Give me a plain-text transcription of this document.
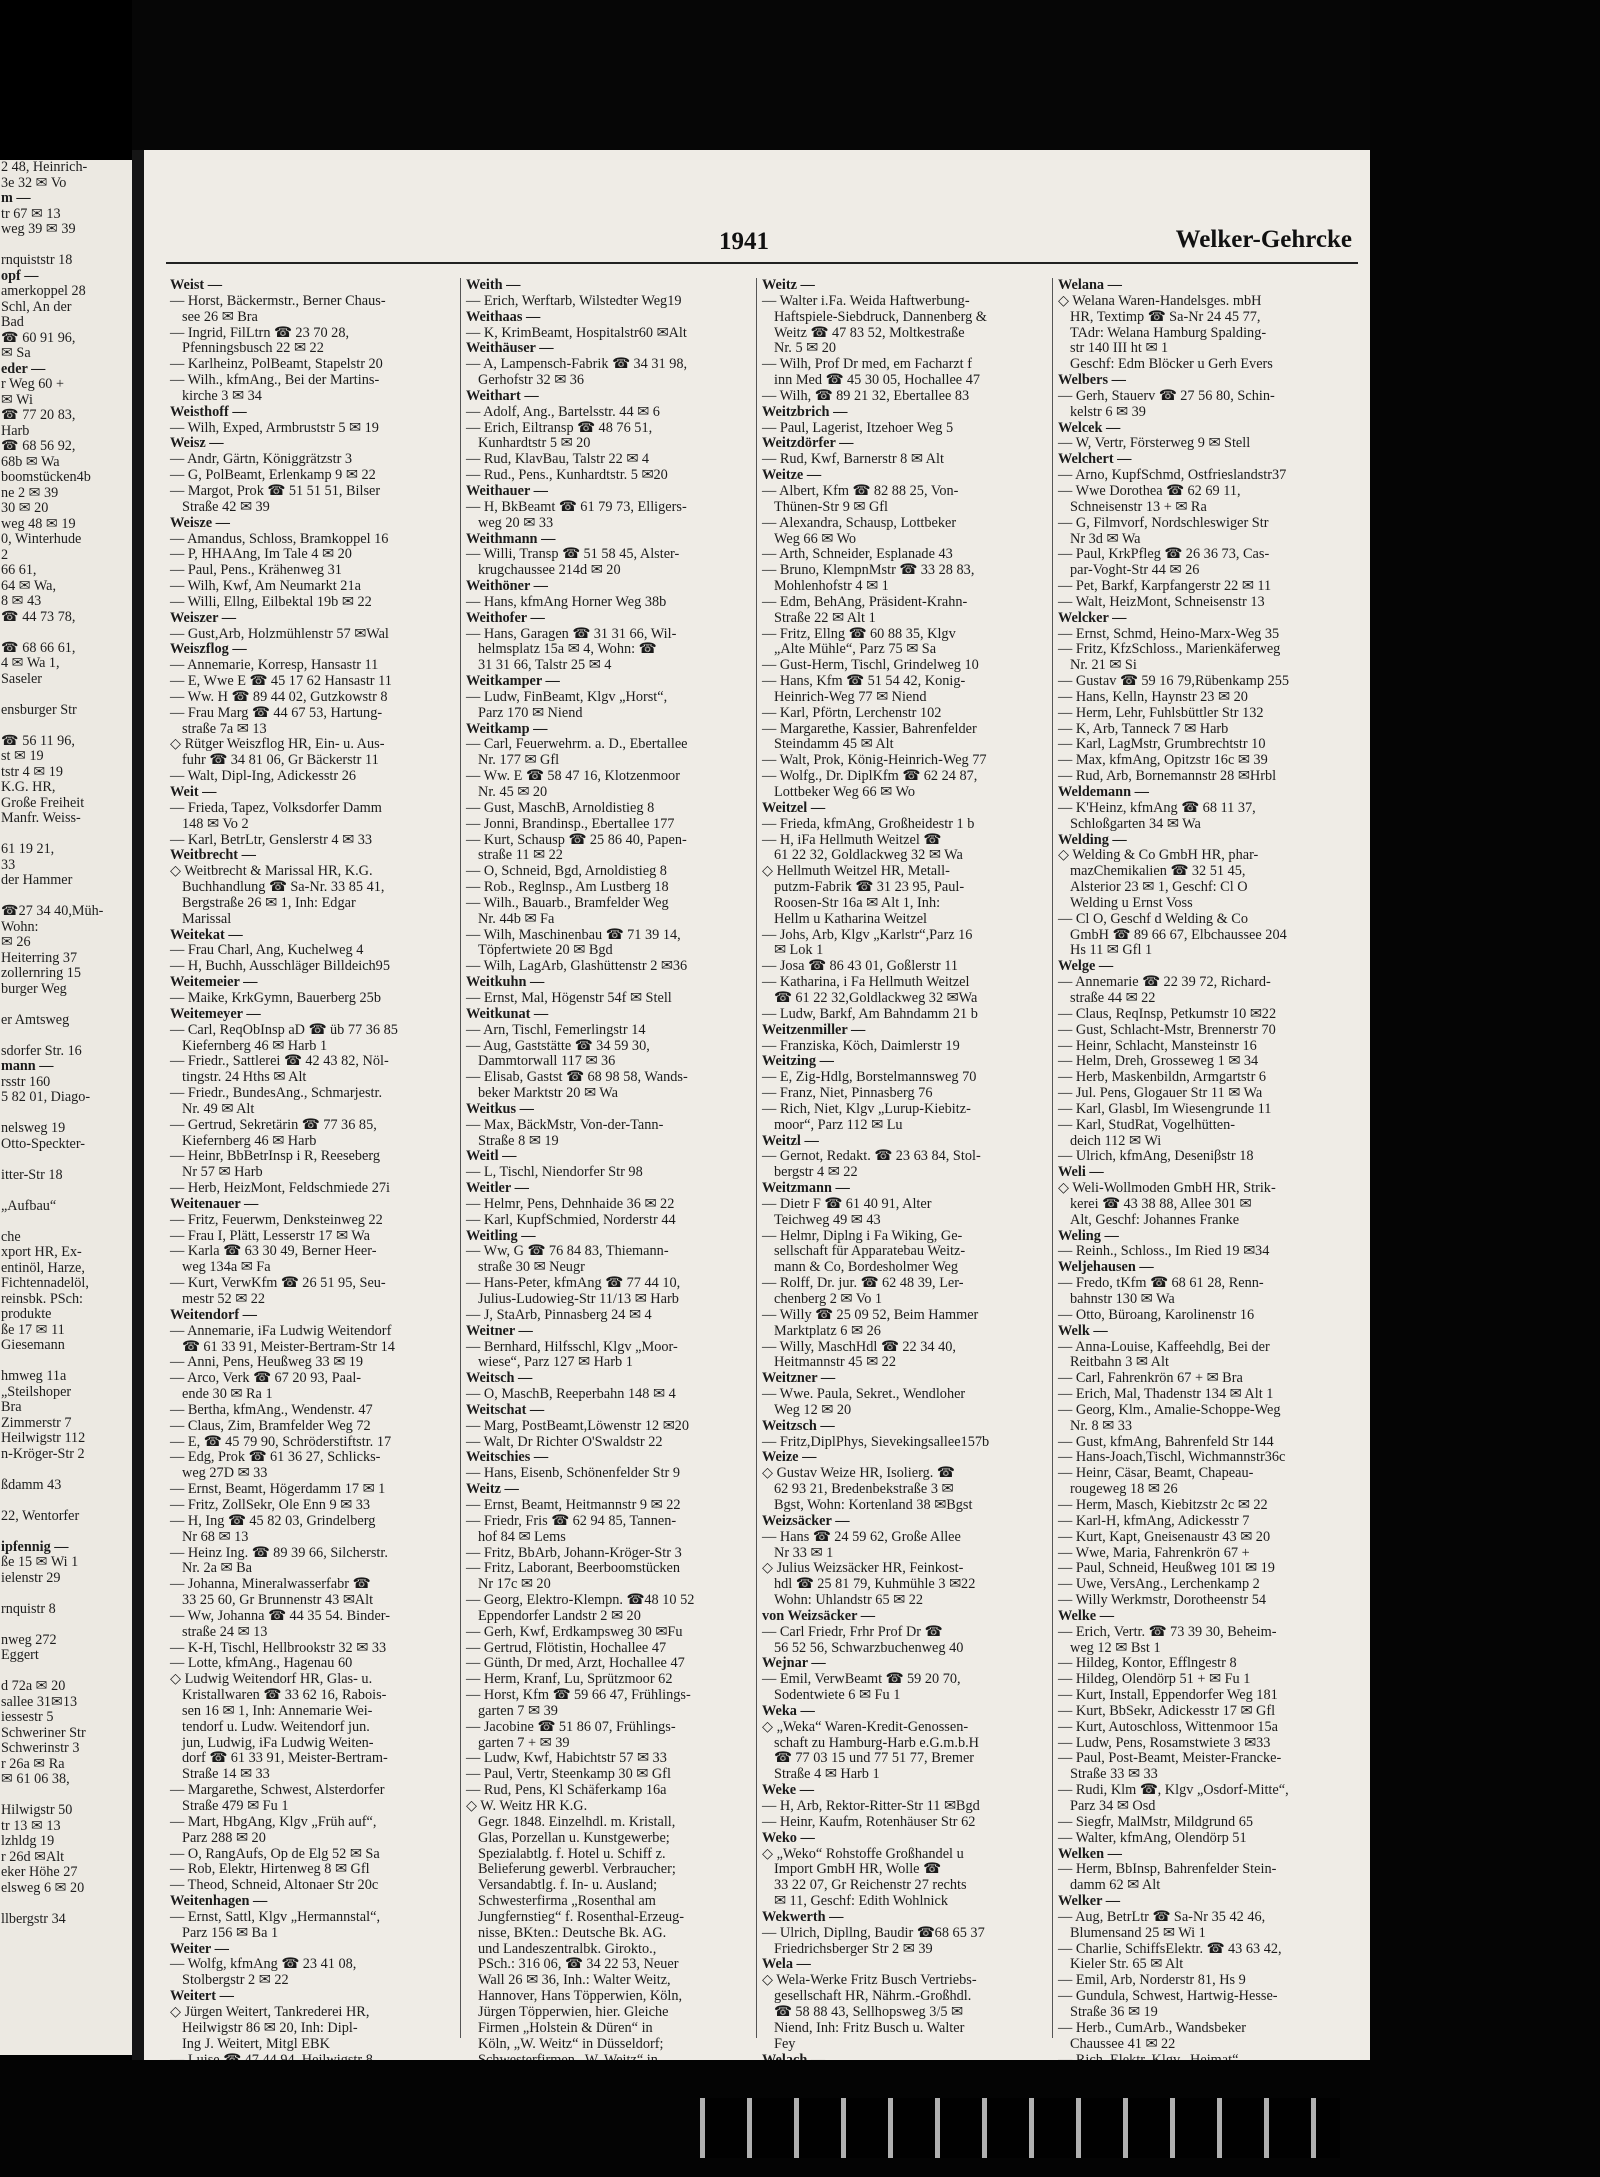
2 48, Heinrich-
3e 32 ✉ Vo
m —
tr 67 ✉ 13
weg 39 ✉ 39

rnquiststr 18
opf —
amerkoppel 28
Schl, An der
Bad
☎ 60 91 96,
✉ Sa
eder —
r Weg 60 +
✉ Wi
☎ 77 20 83,
Harb
☎ 68 56 92,
68b ✉ Wa
boomstücken4b
ne 2 ✉ 39
30 ✉ 20
weg 48 ✉ 19
0, Winterhude
2
66 61,
64 ✉ Wa,
8 ✉ 43
☎ 44 73 78,

☎ 68 66 61,
4 ✉ Wa 1,
Saseler

ensburger Str

☎ 56 11 96,
st ✉ 19
tstr 4 ✉ 19
K.G. HR,
Große Freiheit
Manfr. Weiss-

61 19 21,
33
der Hammer

☎27 34 40,Müh-
Wohn:
✉ 26
Heiterring 37
zollernring 15
burger Weg

er Amtsweg

sdorfer Str. 16
mann —
rsstr 160
5 82 01, Diago-

nelsweg 19
Otto-Speckter-

itter-Str 18

„Aufbau“

che
xport HR, Ex-
entinöl, Harze,
Fichtennadelöl,
reinsbk. PSch:
produkte
ße 17 ✉ 11
Giesemann

hmweg 11a
„Steilshoper
Bra
Zimmerstr 7
Heilwigstr 112
n-Kröger-Str 2

ßdamm 43

22, Wentorfer

ipfennig —
ße 15 ✉ Wi 1
ielenstr 29

rnquistr 8

nweg 272
Eggert

d 72a ✉ 20
sallee 31✉13
iessestr 5
Schweriner Str
Schwerinstr 3
r 26a ✉ Ra
✉ 61 06 38,

Hilwigstr 50
tr 13 ✉ 13
lzhldg 19
r 26d ✉Alt
eker Höhe 27
elsweg 6 ✉ 20

llbergstr 34
1941	Welker-Gehrcke
Weist —
— Horst, Bäckermstr., Berner Chaus-
see 26 ✉ Bra
— Ingrid, FilLtrn ☎ 23 70 28,
Pfenningsbusch 22 ✉ 22
— Karlheinz, PolBeamt, Stapelstr 20
— Wilh., kfmAng., Bei der Martins-
kirche 3 ✉ 34
Weisthoff —
— Wilh, Exped, Armbruststr 5 ✉ 19
Weisz —
— Andr, Gärtn, Königgrätzstr 3
— G, PolBeamt, Erlenkamp 9 ✉ 22
— Margot, Prok ☎ 51 51 51, Bilser
Straße 42 ✉ 39
Weisze —
— Amandus, Schloss, Bramkoppel 16
— P, HHAAng, Im Tale 4 ✉ 20
— Paul, Pens., Krähenweg 31
— Wilh, Kwf, Am Neumarkt 21a
— Willi, Ellng, Eilbektal 19b ✉ 22
Weiszer —
— Gust,Arb, Holzmühlenstr 57 ✉Wal
Weiszflog —
— Annemarie, Korresp, Hansastr 11
— E, Wwe E ☎ 45 17 62 Hansastr 11
— Ww. H ☎ 89 44 02, Gutzkowstr 8
— Frau Marg ☎ 44 67 53, Hartung-
straße 7a ✉ 13
◇ Rütger Weiszflog HR, Ein- u. Aus-
fuhr ☎ 34 81 06, Gr Bäckerstr 11
— Walt, Dipl-Ing, Adickesstr 26
Weit —
— Frieda, Tapez, Volksdorfer Damm
148 ✉ Vo 2
— Karl, BetrLtr, Genslerstr 4 ✉ 33
Weitbrecht —
◇ Weitbrecht & Marissal HR, K.G.
Buchhandlung ☎ Sa-Nr. 33 85 41,
Bergstraße 26 ✉ 1, Inh: Edgar
Marissal
Weitekat —
— Frau Charl, Ang, Kuchelweg 4
— H, Buchh, Ausschläger Billdeich95
Weitemeier —
— Maike, KrkGymn, Bauerberg 25b
Weitemeyer —
— Carl, ReqObInsp aD ☎ üb 77 36 85
Kiefernberg 46 ✉ Harb 1
— Friedr., Sattlerei ☎ 42 43 82, Nöl-
tingstr. 24 Hths ✉ Alt
— Friedr., BundesAng., Schmarjestr.
Nr. 49 ✉ Alt
— Gertrud, Sekretärin ☎ 77 36 85,
Kiefernberg 46 ✉ Harb
— Heinr, BbBetrInsp i R, Reeseberg
Nr 57 ✉ Harb
— Herb, HeizMont, Feldschmiede 27i
Weitenauer —
— Fritz, Feuerwm, Denksteinweg 22
— Frau I, Plätt, Lesserstr 17 ✉ Wa
— Karla ☎ 63 30 49, Berner Heer-
weg 134a ✉ Fa
— Kurt, VerwKfm ☎ 26 51 95, Seu-
mestr 52 ✉ 22
Weitendorf —
— Annemarie, iFa Ludwig Weitendorf
☎ 61 33 91, Meister-Bertram-Str 14
— Anni, Pens, Heußweg 33 ✉ 19
— Arco, Verk ☎ 67 20 93, Paal-
ende 30 ✉ Ra 1
— Bertha, kfmAng., Wendenstr. 47
— Claus, Zim, Bramfelder Weg 72
— E, ☎ 45 79 90, Schröderstiftstr. 17
— Edg, Prok ☎ 61 36 27, Schlicks-
weg 27D ✉ 33
— Ernst, Beamt, Högerdamm 17 ✉ 1
— Fritz, ZollSekr, Ole Enn 9 ✉ 33
— H, Ing ☎ 45 82 03, Grindelberg
Nr 68 ✉ 13
— Heinz Ing. ☎ 89 39 66, Silcherstr.
Nr. 2a ✉ Ba
— Johanna, Mineralwasserfabr ☎
33 25 60, Gr Brunnenstr 43 ✉Alt
— Ww, Johanna ☎ 44 35 54. Binder-
straße 24 ✉ 13
— K-H, Tischl, Hellbrookstr 32 ✉ 33
— Lotte, kfmAng., Hagenau 60
◇ Ludwig Weitendorf HR, Glas- u.
Kristallwaren ☎ 33 62 16, Rabois-
sen 16 ✉ 1, Inh: Annemarie Wei-
tendorf u. Ludw. Weitendorf jun.
jun, Ludwig, iFa Ludwig Weiten-
dorf ☎ 61 33 91, Meister-Bertram-
Straße 14 ✉ 33
— Margarethe, Schwest, Alsterdorfer
Straße 479 ✉ Fu 1
— Mart, HbgAng, Klgv „Früh auf“,
Parz 288 ✉ 20
— O, RangAufs, Op de Elg 52 ✉ Sa
— Rob, Elektr, Hirtenweg 8 ✉ Gfl
— Theod, Schneid, Altonaer Str 20c
Weitenhagen —
— Ernst, Sattl, Klgv „Hermannstal“,
Parz 156 ✉ Ba 1
Weiter —
— Wolfg, kfmAng ☎ 23 41 08,
Stolbergstr 2 ✉ 22
Weitert —
◇ Jürgen Weitert, Tankrederei HR,
Heilwigstr 86 ✉ 20, Inh: Dipl-
Ing J. Weitert, Mitgl EBK
Weith —
— Erich, Werftarb, Wilstedter Weg19
Weithaas —
— K, KrimBeamt, Hospitalstr60 ✉Alt
Weithäuser —
— A, Lampensch-Fabrik ☎ 34 31 98,
Gerhofstr 32 ✉ 36
Weithart —
— Adolf, Ang., Bartelsstr. 44 ✉ 6
— Erich, Eiltransp ☎ 48 76 51,
Kunhardtstr 5 ✉ 20
— Rud, KlavBau, Talstr 22 ✉ 4
— Rud., Pens., Kunhardtstr. 5 ✉20
Weithauer —
— H, BkBeamt ☎ 61 79 73, Elligers-
weg 20 ✉ 33
Weithmann —
— Willi, Transp ☎ 51 58 45, Alster-
krugchaussee 214d ✉ 20
Weithöner —
— Hans, kfmAng Horner Weg 38b
Weithofer —
— Hans, Garagen ☎ 31 31 66, Wil-
helmsplatz 15a ✉ 4, Wohn: ☎
31 31 66, Talstr 25 ✉ 4
Weitkamper —
— Ludw, FinBeamt, Klgv „Horst“,
Parz 170 ✉ Niend
Weitkamp —
— Carl, Feuerwehrm. a. D., Ebertallee
Nr. 177 ✉ Gfl
— Ww. E ☎ 58 47 16, Klotzenmoor
Nr. 45 ✉ 20
— Gust, MaschB, Arnoldistieg 8
— Jonni, Brandinsp., Ebertallee 177
— Kurt, Schausp ☎ 25 86 40, Papen-
straße 11 ✉ 22
— O, Schneid, Bgd, Arnoldistieg 8
— Rob., Reglnsp., Am Lustberg 18
— Wilh., Bauarb., Bramfelder Weg
Nr. 44b ✉ Fa
— Wilh, Maschinenbau ☎ 71 39 14,
Töpfertwiete 20 ✉ Bgd
— Wilh, LagArb, Glashüttenstr 2 ✉36
Weitkuhn —
— Ernst, Mal, Högenstr 54f ✉ Stell
Weitkunat —
— Arn, Tischl, Femerlingstr 14
— Aug, Gaststätte ☎ 34 59 30,
Dammtorwall 117 ✉ 36
— Elisab, Gastst ☎ 68 98 58, Wands-
beker Marktstr 20 ✉ Wa
Weitkus —
— Max, BäckMstr, Von-der-Tann-
Straße 8 ✉ 19
Weitl —
— L, Tischl, Niendorfer Str 98
Weitler —
— Helmr, Pens, Dehnhaide 36 ✉ 22
— Karl, KupfSchmied, Norderstr 44
Weitling —
— Ww, G ☎ 76 84 83, Thiemann-
straße 30 ✉ Neugr
— Hans-Peter, kfmAng ☎ 77 44 10,
Julius-Ludowieg-Str 11/13 ✉ Harb
— J, StaArb, Pinnasberg 24 ✉ 4
Weitner —
— Bernhard, Hilfsschl, Klgv „Moor-
wiese“, Parz 127 ✉ Harb 1
Weitsch —
— O, MaschB, Reeperbahn 148 ✉ 4
Weitschat —
— Marg, PostBeamt,Löwenstr 12 ✉20
— Walt, Dr Richter O'Swaldstr 22
Weitschies —
— Hans, Eisenb, Schönenfelder Str 9
Weitz —
— Ernst, Beamt, Heitmannstr 9 ✉ 22
— Friedr, Fris ☎ 62 94 85, Tannen-
hof 84 ✉ Lems
— Fritz, BbArb, Johann-Kröger-Str 3
— Fritz, Laborant, Beerboomstücken
Nr 17c ✉ 20
— Georg, Elektro-Klempn. ☎48 10 52
Eppendorfer Landstr 2 ✉ 20
— Gerh, Kwf, Erdkampsweg 30 ✉Fu
— Gertrud, Flötistin, Hochallee 47
— Günth, Dr med, Arzt, Hochallee 47
— Herm, Kranf, Lu, Sprützmoor 62
— Horst, Kfm ☎ 59 66 47, Frühlings-
garten 7 ✉ 39
— Jacobine ☎ 51 86 07, Frühlings-
garten 7 + ✉ 39
— Ludw, Kwf, Habichtstr 57 ✉ 33
— Paul, Vertr, Steenkamp 30 ✉ Gfl
— Rud, Pens, Kl Schäferkamp 16a
◇ W. Weitz HR K.G.
Gegr. 1848. Einzelhdl. m. Kristall,
Glas, Porzellan u. Kunstgewerbe;
Spezialabtlg. f. Hotel u. Schiff z.
Belieferung gewerbl. Verbraucher;
Versandabtlg. f. In- u. Ausland;
Schwesterfirma „Rosenthal am
Jungfernstieg“ f. Rosenthal-Erzeug-
nisse, BKten.: Deutsche Bk. AG.
und Landeszentralbk. Girokto.,
PSch.: 316 06, ☎ 34 22 53, Neuer
Wall 26 ✉ 36, Inh.: Walter Weitz,
Hannover, Hans Töpperwien, Köln,
Jürgen Töpperwien, hier. Gleiche
Firmen „Holstein & Düren“ in
Köln, „W. Weitz“ in Düsseldorf;
Weitz —
— Walter i.Fa. Weida Haftwerbung-
Haftspiele-Siebdruck, Dannenberg &
Weitz ☎ 47 83 52, Moltkestraße
Nr. 5 ✉ 20
— Wilh, Prof Dr med, em Facharzt f
inn Med ☎ 45 30 05, Hochallee 47
— Wilh, ☎ 89 21 32, Ebertallee 83
Weitzbrich —
— Paul, Lagerist, Itzehoer Weg 5
Weitzdörfer —
— Rud, Kwf, Barnerstr 8 ✉ Alt
Weitze —
— Albert, Kfm ☎ 82 88 25, Von-
Thünen-Str 9 ✉ Gfl
— Alexandra, Schausp, Lottbeker
Weg 66 ✉ Wo
— Arth, Schneider, Esplanade 43
— Bruno, KlempnMstr ☎ 33 28 83,
Mohlenhofstr 4 ✉ 1
— Edm, BehAng, Präsident-Krahn-
Straße 22 ✉ Alt 1
— Fritz, Ellng ☎ 60 88 35, Klgv
„Alte Mühle“, Parz 75 ✉ Sa
— Gust-Herm, Tischl, Grindelweg 10
— Hans, Kfm ☎ 51 54 42, Konig-
Heinrich-Weg 77 ✉ Niend
— Karl, Pförtn, Lerchenstr 102
— Margarethe, Kassier, Bahrenfelder
Steindamm 45 ✉ Alt
— Walt, Prok, König-Heinrich-Weg 77
— Wolfg., Dr. DiplKfm ☎ 62 24 87,
Lottbeker Weg 66 ✉ Wo
Weitzel —
— Frieda, kfmAng, Großheidestr 1 b
— H, iFa Hellmuth Weitzel ☎
61 22 32, Goldlackweg 32 ✉ Wa
◇ Hellmuth Weitzel HR, Metall-
putzm-Fabrik ☎ 31 23 95, Paul-
Roosen-Str 16a ✉ Alt 1, Inh:
Hellm u Katharina Weitzel
— Johs, Arb, Klgv „Karlstr“,Parz 16
✉ Lok 1
— Josa ☎ 86 43 01, Goßlerstr 11
— Katharina, i Fa Hellmuth Weitzel
☎ 61 22 32,Goldlackweg 32 ✉Wa
— Ludw, Barkf, Am Bahndamm 21 b
Weitzenmiller —
— Franziska, Köch, Daimlerstr 19
Weitzing —
— E, Zig-Hdlg, Borstelmannsweg 70
— Franz, Niet, Pinnasberg 76
— Rich, Niet, Klgv „Lurup-Kiebitz-
moor“, Parz 112 ✉ Lu
Weitzl —
— Gernot, Redakt. ☎ 23 63 84, Stol-
bergstr 4 ✉ 22
Weitzmann —
— Dietr F ☎ 61 40 91, Alter
Teichweg 49 ✉ 43
— Helmr, Diplng i Fa Wiking, Ge-
sellschaft für Apparatebau Weitz-
mann & Co, Bordesholmer Weg
— Rolff, Dr. jur. ☎ 62 48 39, Ler-
chenberg 2 ✉ Vo 1
— Willy ☎ 25 09 52, Beim Hammer
Marktplatz 6 ✉ 26
— Willy, MaschHdl ☎ 22 34 40,
Heitmannstr 45 ✉ 22
Weitzner —
— Wwe. Paula, Sekret., Wendloher
Weg 12 ✉ 20
Weitzsch —
— Fritz,DiplPhys, Sievekingsallee157b
Weize —
◇ Gustav Weize HR, Isolierg. ☎
62 93 21, Bredenbekstraße 3 ✉
Bgst, Wohn: Kortenland 38 ✉Bgst
Weizsäcker —
— Hans ☎ 24 59 62, Große Allee
Nr 33 ✉ 1
◇ Julius Weizsäcker HR, Feinkost-
hdl ☎ 25 81 79, Kuhmühle 3 ✉22
Wohn: Uhlandstr 65 ✉ 22
von Weizsäcker —
— Carl Friedr, Frhr Prof Dr ☎
56 52 56, Schwarzbuchenweg 40
Wejnar —
— Emil, VerwBeamt ☎ 59 20 70,
Sodentwiete 6 ✉ Fu 1
Weka —
◇ „Weka“ Waren-Kredit-Genossen-
schaft zu Hamburg-Harb e.G.m.b.H
☎ 77 03 15 und 77 51 77, Bremer
Straße 4 ✉ Harb 1
Weke —
— H, Arb, Rektor-Ritter-Str 11 ✉Bgd
— Heinr, Kaufm, Rotenhäuser Str 62
Weko —
◇ „Weko“ Rohstoffe Großhandel u
Import GmbH HR, Wolle ☎
33 22 07, Gr Reichenstr 27 rechts
✉ 11, Geschf: Edith Wohlnick
Wekwerth —
— Ulrich, Dipllng, Baudir ☎68 65 37
Friedrichsberger Str 2 ✉ 39
Wela —
◇ Wela-Werke Fritz Busch Vertriebs-
gesellschaft HR, Nährm.-Großhdl.
☎ 58 88 43, Sellhopsweg 3/5 ✉
Niend, Inh: Fritz Busch u. Walter
Fey
Welana —
◇ Welana Waren-Handelsges. mbH
HR, Textimp ☎ Sa-Nr 24 45 77,
TAdr: Welana Hamburg Spalding-
str 140 III ht ✉ 1
Geschf: Edm Blöcker u Gerh Evers
Welbers —
— Gerh, Stauerv ☎ 27 56 80, Schin-
kelstr 6 ✉ 39
Welcek —
— W, Vertr, Försterweg 9 ✉ Stell
Welchert —
— Arno, KupfSchmd, Ostfrieslandstr37
— Wwe Dorothea ☎ 62 69 11,
Schneisenstr 13 + ✉ Ra
— G, Filmvorf, Nordschleswiger Str
Nr 3d ✉ Wa
— Paul, KrkPfleg ☎ 26 36 73, Cas-
par-Voght-Str 44 ✉ 26
— Pet, Barkf, Karpfangerstr 22 ✉ 11
— Walt, HeizMont, Schneisenstr 13
Welcker —
— Ernst, Schmd, Heino-Marx-Weg 35
— Fritz, KfzSchloss., Marienkäferweg
Nr. 21 ✉ Si
— Gustav ☎ 59 16 79,Rübenkamp 255
— Hans, Kelln, Haynstr 23 ✉ 20
— Herm, Lehr, Fuhlsbüttler Str 132
— K, Arb, Tanneck 7 ✉ Harb
— Karl, LagMstr, Grumbrechtstr 10
— Max, kfmAng, Opitzstr 16c ✉ 39
— Rud, Arb, Bornemannstr 28 ✉Hrbl
Weldemann —
— K'Heinz, kfmAng ☎ 68 11 37,
Schloßgarten 34 ✉ Wa
Welding —
◇ Welding & Co GmbH HR, phar-
mazChemikalien ☎ 32 51 45,
Alsterior 23 ✉ 1, Geschf: Cl O
Welding u Ernst Voss
— Cl O, Geschf d Welding & Co
GmbH ☎ 89 66 67, Elbchaussee 204
Hs 11 ✉ Gfl 1
Welge —
— Annemarie ☎ 22 39 72, Richard-
straße 44 ✉ 22
— Claus, ReqInsp, Petkumstr 10 ✉22
— Gust, Schlacht-Mstr, Brennerstr 70
— Heinr, Schlacht, Mansteinstr 16
— Helm, Dreh, Grosseweg 1 ✉ 34
— Herb, Maskenbildn, Armgartstr 6
— Jul. Pens, Glogauer Str 11 ✉ Wa
— Karl, Glasbl, Im Wiesengrunde 11
— Karl, StudRat, Vogelhütten-
deich 112 ✉ Wi
— Ulrich, kfmAng, Deseniβstr 18
Weli —
◇ Weli-Wollmoden GmbH HR, Strik-
kerei ☎ 43 38 88, Allee 301 ✉
Alt, Geschf: Johannes Franke
Weling —
— Reinh., Schloss., Im Ried 19 ✉34
Weljehausen —
— Fredo, tKfm ☎ 68 61 28, Renn-
bahnstr 130 ✉ Wa
— Otto, Büroang, Karolinenstr 16
Welk —
— Anna-Louise, Kaffeehdlg, Bei der
Reitbahn 3 ✉ Alt
— Carl, Fahrenkrön 67 + ✉ Bra
— Erich, Mal, Thadenstr 134 ✉ Alt 1
— Georg, Klm., Amalie-Schoppe-Weg
Nr. 8 ✉ 33
— Gust, kfmAng, Bahrenfeld Str 144
— Hans-Joach,Tischl, Wichmannstr36c
— Heinr, Cäsar, Beamt, Chapeau-
rougeweg 18 ✉ 26
— Herm, Masch, Kiebitzstr 2c ✉ 22
— Karl-H, kfmAng, Adickesstr 7
— Kurt, Kapt, Gneisenaustr 43 ✉ 20
— Wwe, Maria, Fahrenkrön 67 +
— Paul, Schneid, Heußweg 101 ✉ 19
— Uwe, VersAng., Lerchenkamp 2
— Willy Werkmstr, Dorotheenstr 54
Welke —
— Erich, Vertr. ☎ 73 39 30, Beheim-
weg 12 ✉ Bst 1
— Hildeg, Kontor, Efflngestr 8
— Hildeg, Olendörp 51 + ✉ Fu 1
— Kurt, Install, Eppendorfer Weg 181
— Kurt, BbSekr, Adickesstr 17 ✉ Gfl
— Kurt, Autoschloss, Wittenmoor 15a
— Ludw, Pens, Rosamstwiete 3 ✉33
— Paul, Post-Beamt, Meister-Francke-
Straße 33 ✉ 33
— Rudi, Klm ☎, Klgv „Osdorf-Mitte“,
Parz 34 ✉ Osd
— Siegfr, MalMstr, Mildgrund 65
— Walter, kfmAng, Olendörp 51
Welken —
— Herm, BbInsp, Bahrenfelder Stein-
damm 62 ✉ Alt
Welker —
— Aug, BetrLtr ☎ Sa-Nr 35 42 46,
Blumensand 25 ✉ Wi 1
— Charlie, SchiffsElektr. ☎ 43 63 42,
Kieler Str. 65 ✉ Alt
— Emil, Arb, Norderstr 81, Hs 9
— Gundula, Schwest, Hartwig-Hesse-
Straße 36 ✉ 19
— Herb., CumArb., Wandsbeker
Chaussee 41 ✉ 22
